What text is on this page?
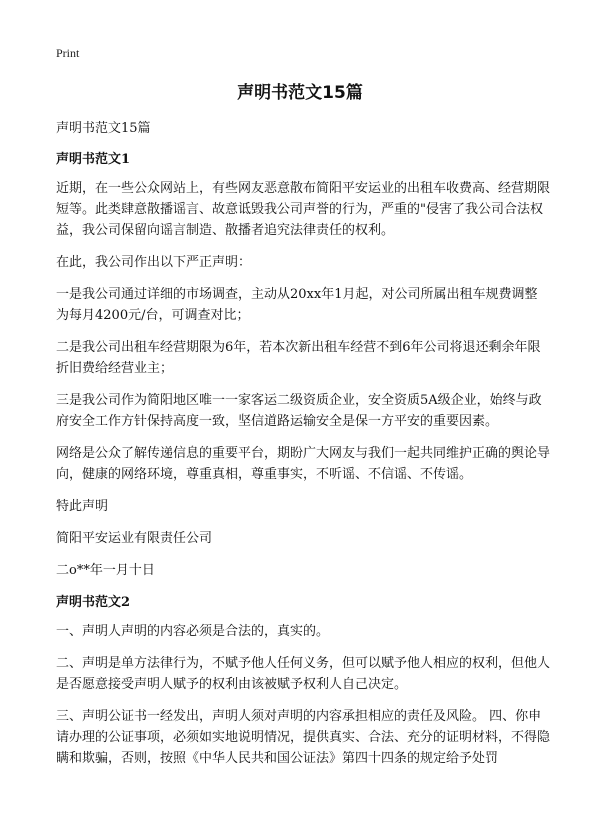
Print
声明书范文15篇

声明书范文15篇

声明书范文1

近期，在一些公众网站上，有些网友恶意散布简阳平安运业的出租车收费高、经营期限短等。此类肆意散播谣言、故意诋毁我公司声誉的行为，严重的"侵害了我公司合法权益，我公司保留向谣言制造、散播者追究法律责任的权利。

在此，我公司作出以下严正声明：

一是我公司通过详细的市场调查，主动从20xx年1月起，对公司所属出租车规费调整为每月4200元/台，可调查对比；

二是我公司出租车经营期限为6年，若本次新出租车经营不到6年公司将退还剩余年限折旧费给经营业主；

三是我公司作为简阳地区唯一一家客运二级资质企业，安全资质5A级企业，始终与政府安全工作方针保持高度一致，坚信道路运输安全是保一方平安的重要因素。

网络是公众了解传递信息的重要平台，期盼广大网友与我们一起共同维护正确的舆论导向，健康的网络环境，尊重真相，尊重事实，不听谣、不信谣、不传谣。

特此声明

简阳平安运业有限责任公司

二o**年一月十日

声明书范文2

一、声明人声明的内容必须是合法的，真实的。

二、声明是单方法律行为，不赋予他人任何义务，但可以赋予他人相应的权利，但他人是否愿意接受声明人赋予的权利由该被赋予权利人自己决定。

三、声明公证书一经发出，声明人须对声明的内容承担相应的责任及风险。 四、你申请办理的公证事项，必须如实地说明情况，提供真实、合法、充分的证明材料，不得隐瞒和欺骗，否则，按照《中华人民共和国公证法》第四十四条的规定给予处罚
